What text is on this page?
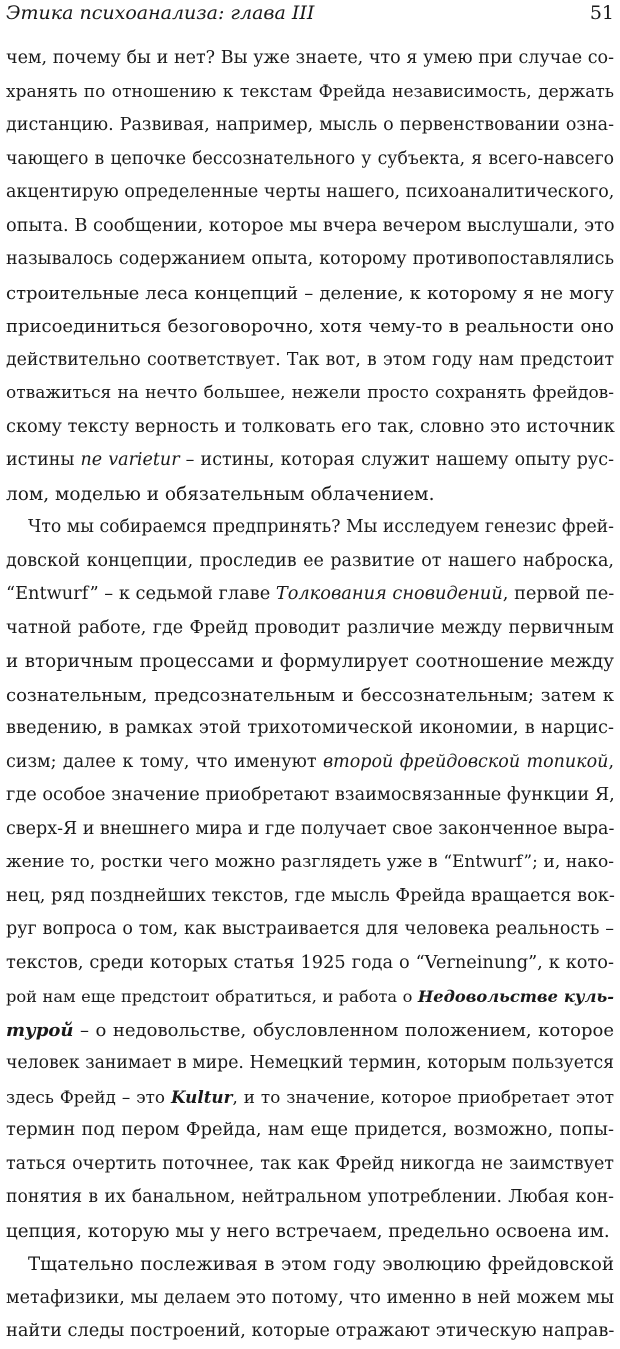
Этика психоанализа: глава III	51
чем, почему бы и нет? Вы уже знаете, что я умею при случае со-
хранять по отношению к текстам Фрейда независимость, держать
дистанцию. Развивая, например, мысль о первенствовании озна-
чающего в цепочке бессознательного у субъекта, я всего-навсего
акцентирую определенные черты нашего, психоаналитического,
опыта. В сообщении, которое мы вчера вечером выслушали, это
называлось содержанием опыта, которому противопоставлялись
строительные леса концепций – деление, к которому я не могу
присоединиться безоговорочно, хотя чему-то в реальности оно
действительно соответствует. Так вот, в этом году нам предстоит
отважиться на нечто большее, нежели просто сохранять фрейдов-
скому тексту верность и толковать его так, словно это источник
истины ne varietur – истины, которая служит нашему опыту рус-
лом, моделью и обязательным облачением.
Что мы собираемся предпринять? Мы исследуем генезис фрей-
довской концепции, проследив ее развитие от нашего наброска,
“Entwurf” – к седьмой главе Толкования сновидений, первой пе-
чатной работе, где Фрейд проводит различие между первичным
и вторичным процессами и формулирует соотношение между
сознательным, предсознательным и бессознательным; затем к
введению, в рамках этой трихотомической икономии, в нарцис-
сизм; далее к тому, что именуют второй фрейдовской топикой,
где особое значение приобретают взаимосвязанные функции Я,
сверх-Я и внешнего мира и где получает свое законченное выра-
жение то, ростки чего можно разглядеть уже в “Entwurf”; и, нако-
нец, ряд позднейших текстов, где мысль Фрейда вращается вок-
руг вопроса о том, как выстраивается для человека реальность –
текстов, среди которых статья 1925 года о “Verneinung”, к кото-
рой нам еще предстоит обратиться, и работа о Недовольстве куль-
турой – о недовольстве, обусловленном положением, которое
человек занимает в мире. Немецкий термин, которым пользуется
здесь Фрейд – это Kultur, и то значение, которое приобретает этот
термин под пером Фрейда, нам еще придется, возможно, попы-
таться очертить поточнее, так как Фрейд никогда не заимствует
понятия в их банальном, нейтральном употреблении. Любая кон-
цепция, которую мы у него встречаем, предельно освоена им.
Тщательно послеживая в этом году эволюцию фрейдовской
метафизики, мы делаем это потому, что именно в ней можем мы
найти следы построений, которые отражают этическую направ-
